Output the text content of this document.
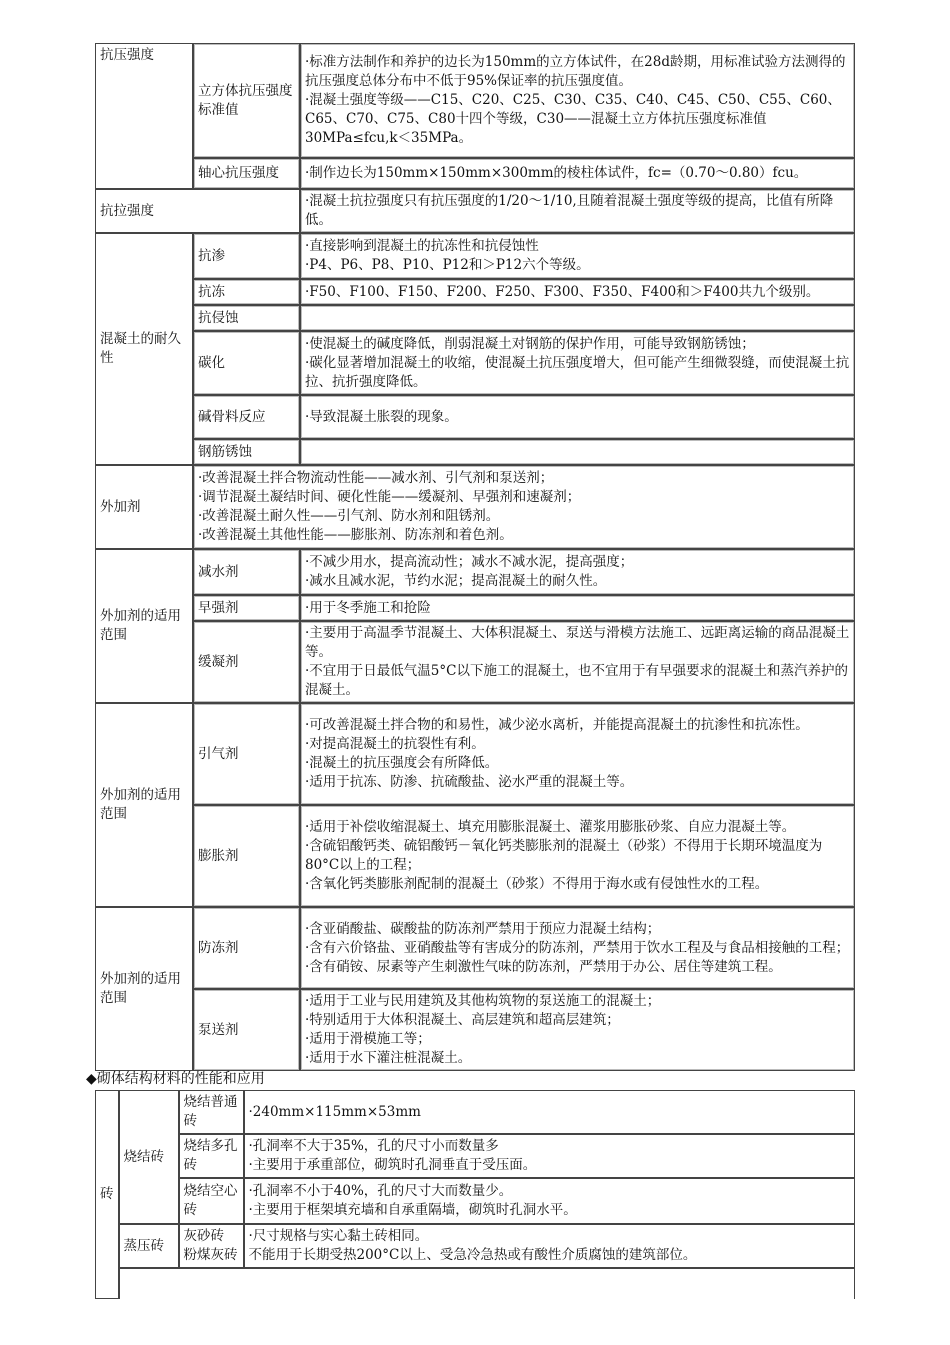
抗压强度	立方体抗压强度标准值	·标准方法制作和养护的边长为150mm的立方体试件，在28d龄期，用标准试验方法测得的抗压强度总体分布中不低于95%保证率的抗压强度值。
·混凝土强度等级——C15、C20、C25、C30、C35、C40、C45、C50、C55、C60、C65、C70、C75、C80十四个等级，C30——混凝土立方体抗压强度标准值30MPa≤fcu,k＜35MPa。

	轴心抗压强度	·制作边长为150mm×150mm×300mm的棱柱体试件，fc=（0.70～0.80）fcu。

抗拉强度		·混凝土抗拉强度只有抗压强度的1/20～1/10,且随着混凝土强度等级的提高，比值有所降低。

混凝土的耐久性	抗渗	·直接影响到混凝土的抗冻性和抗侵蚀性
·P4、P6、P8、P10、P12和＞P12六个等级。

	抗冻	·F50、F100、F150、F200、F250、F300、F350、F400和＞F400共九个级别。

	抗侵蚀	
	碳化	·使混凝土的碱度降低，削弱混凝土对钢筋的保护作用，可能导致钢筋锈蚀；
·碳化显著增加混凝土的收缩，使混凝土抗压强度增大，但可能产生细微裂缝，而使混凝土抗拉、抗折强度降低。

	碱骨料反应	·导致混凝土胀裂的现象。

	钢筋锈蚀	
外加剂	·改善混凝土拌合物流动性能——减水剂、引气剂和泵送剂；
·调节混凝土凝结时间、硬化性能——缓凝剂、早强剂和速凝剂；
·改善混凝土耐久性——引气剂、防水剂和阻锈剂。
·改善混凝土其他性能——膨胀剂、防冻剂和着色剂。	

外加剂的适用范围	减水剂	·不减少用水，提高流动性；减水不减水泥，提高强度；
·减水且减水泥，节约水泥；提高混凝土的耐久性。

	早强剂	·用于冬季施工和抢险

	缓凝剂	·主要用于高温季节混凝土、大体积混凝土、泵送与滑模方法施工、远距离运输的商品混凝土等。
·不宜用于日最低气温5°C以下施工的混凝土，也不宜用于有早强要求的混凝土和蒸汽养护的混凝土。

外加剂的适用范围	引气剂	·可改善混凝土拌合物的和易性，减少泌水离析，并能提高混凝土的抗渗性和抗冻性。
·对提高混凝土的抗裂性有利。
·混凝土的抗压强度会有所降低。
·适用于抗冻、防渗、抗硫酸盐、泌水严重的混凝土等。

	膨胀剂	·适用于补偿收缩混凝土、填充用膨胀混凝土、灌浆用膨胀砂浆、自应力混凝土等。
·含硫铝酸钙类、硫铝酸钙－氧化钙类膨胀剂的混凝土（砂浆）不得用于长期环境温度为80°C以上的工程；
·含氧化钙类膨胀剂配制的混凝土（砂浆）不得用于海水或有侵蚀性水的工程。

外加剂的适用范围	防冻剂	·含亚硝酸盐、碳酸盐的防冻剂严禁用于预应力混凝土结构；
·含有六价铬盐、亚硝酸盐等有害成分的防冻剂，严禁用于饮水工程及与食品相接触的工程；
·含有硝铵、尿素等产生刺激性气味的防冻剂，严禁用于办公、居住等建筑工程。

	泵送剂	·适用于工业与民用建筑及其他构筑物的泵送施工的混凝土；
·特别适用于大体积混凝土、高层建筑和超高层建筑；
·适用于滑模施工等；
·适用于水下灌注桩混凝土。
◆砌体结构材料的性能和应用
砖	烧结砖	烧结普通砖	·240mm×115mm×53mm

		烧结多孔砖	·孔洞率不大于35%，孔的尺寸小而数量多
·主要用于承重部位，砌筑时孔洞垂直于受压面。

		烧结空心砖	·孔洞率不小于40%，孔的尺寸大而数量少。
·主要用于框架填充墙和自承重隔墙，砌筑时孔洞水平。

	蒸压砖	灰砂砖 粉煤灰砖	·尺寸规格与实心黏土砖相同。
不能用于长期受热200°C以上、受急冷急热或有酸性介质腐蚀的建筑部位。
